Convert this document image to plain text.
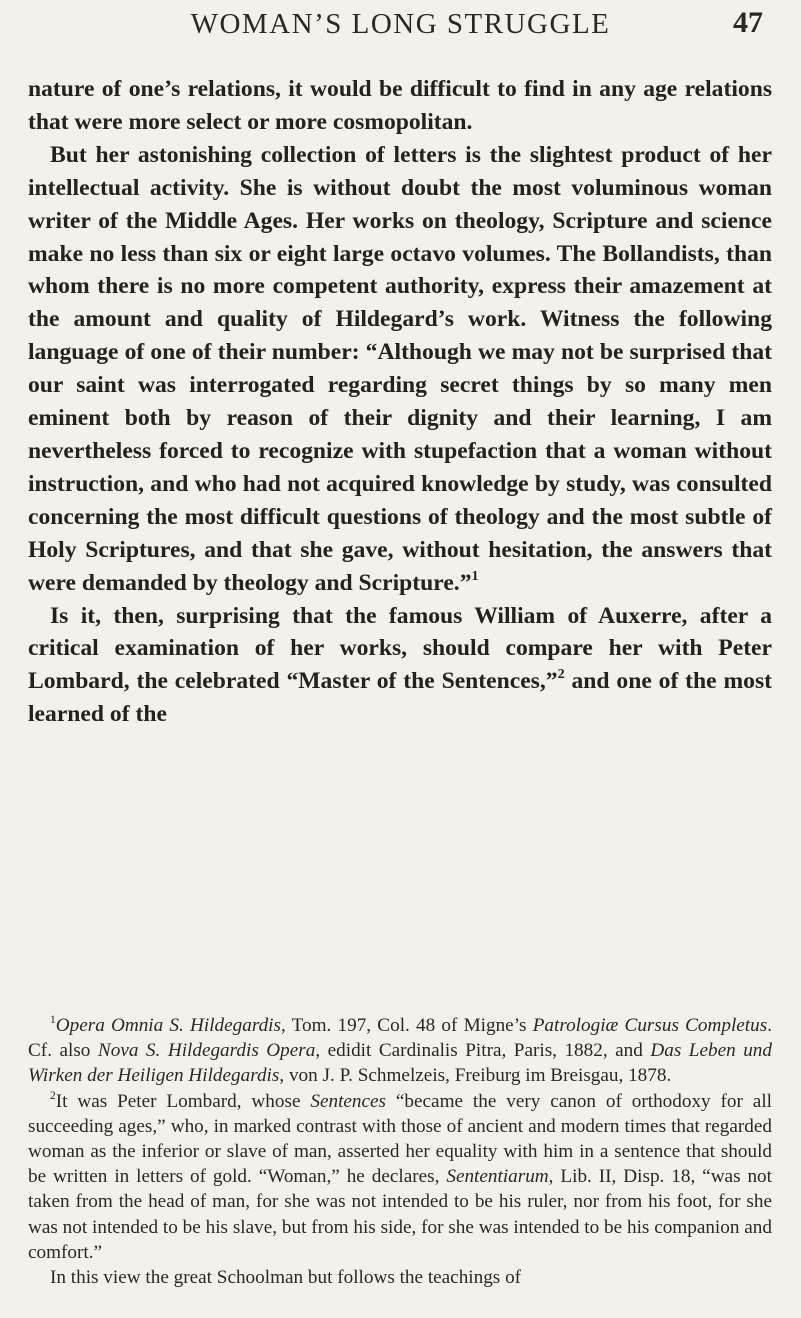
WOMAN’S LONG STRUGGLE	47

nature of one’s relations, it would be difficult to find in any age relations that were more select or more cosmopolitan.

But her astonishing collection of letters is the slightest product of her intellectual activity. She is without doubt the most voluminous woman writer of the Middle Ages. Her works on theology, Scripture and science make no less than six or eight large octavo volumes. The Bollandists, than whom there is no more competent authority, express their amazement at the amount and quality of Hildegard’s work. Witness the following language of one of their number: “Although we may not be surprised that our saint was interrogated regarding secret things by so many men eminent both by reason of their dignity and their learning, I am nevertheless forced to recognize with stupefaction that a woman without instruction, and who had not acquired knowledge by study, was consulted concerning the most difficult questions of theology and the most subtle of Holy Scriptures, and that she gave, without hesitation, the answers that were demanded by theology and Scripture.”$^1$

Is it, then, surprising that the famous William of Auxerre, after a critical examination of her works, should compare her with Peter Lombard, the celebrated “Master of the Sentences,”$^2$ and one of the most learned of the

$^1$Opera Omnia S. Hildegardis, Tom. 197, Col. 48 of Migne’s Patrologiæ Cursus Completus. Cf. also Nova S. Hildegardis Opera, edidit Cardinalis Pitra, Paris, 1882, and Das Leben und Wirken der Heiligen Hildegardis, von J. P. Schmelzeis, Freiburg im Breisgau, 1878.

$^2$It was Peter Lombard, whose Sentences “became the very canon of orthodoxy for all succeeding ages,” who, in marked contrast with those of ancient and modern times that regarded woman as the inferior or slave of man, asserted her equality with him in a sentence that should be written in letters of gold. “Woman,” he declares, Sententiarum, Lib. II, Disp. 18, “was not taken from the head of man, for she was not intended to be his ruler, nor from his foot, for she was not intended to be his slave, but from his side, for she was intended to be his companion and comfort.”

In this view the great Schoolman but follows the teachings of
